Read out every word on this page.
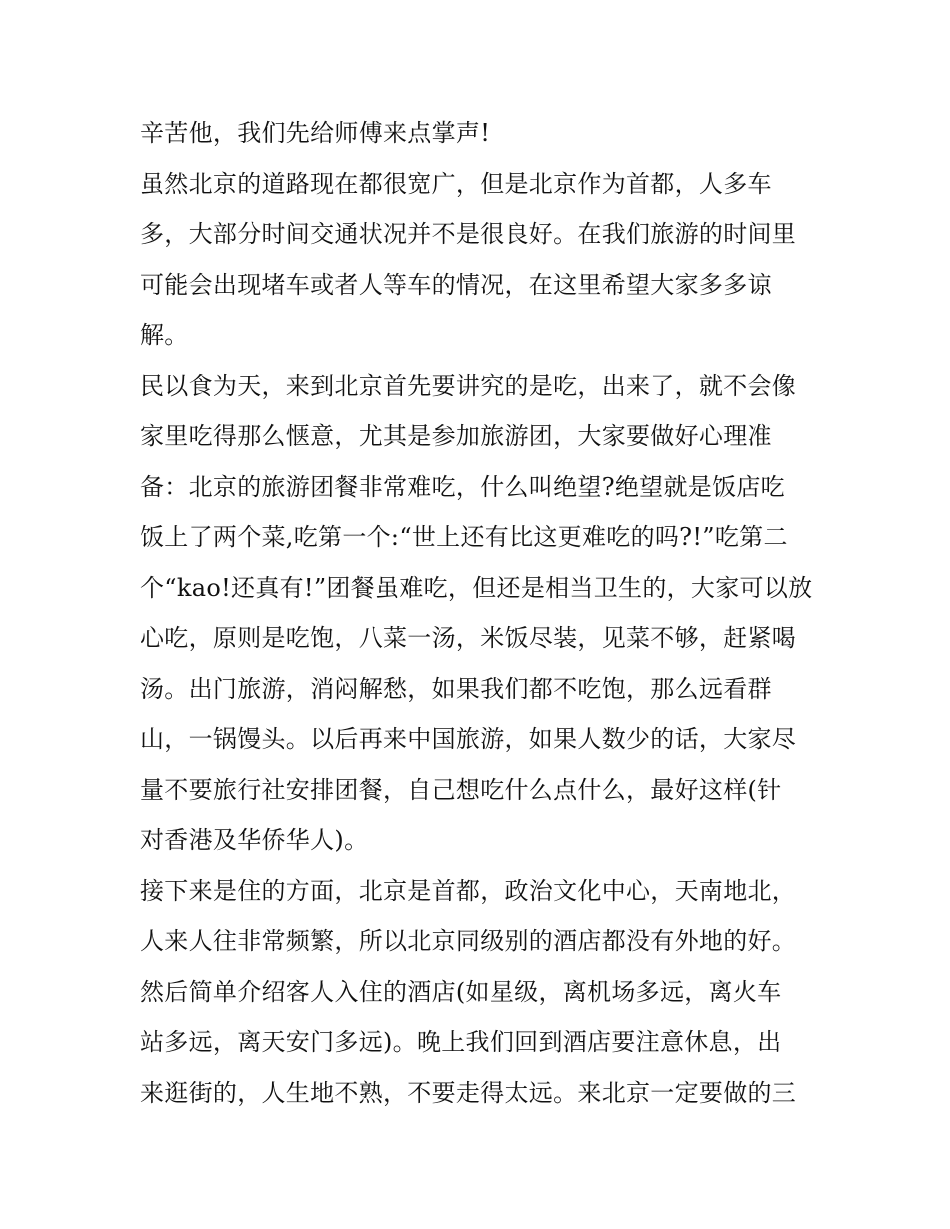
辛苦他，我们先给师傅来点掌声!

虽然北京的道路现在都很宽广，但是北京作为首都，人多车
多，大部分时间交通状况并不是很良好。在我们旅游的时间里
可能会出现堵车或者人等车的情况，在这里希望大家多多谅
解。

民以食为天，来到北京首先要讲究的是吃，出来了，就不会像
家里吃得那么惬意，尤其是参加旅游团，大家要做好心理准
备：北京的旅游团餐非常难吃，什么叫绝望?绝望就是饭店吃
饭上了两个菜,吃第一个:“世上还有比这更难吃的吗?!”吃第二
个“kao!还真有!”团餐虽难吃，但还是相当卫生的，大家可以放
心吃，原则是吃饱，八菜一汤，米饭尽装，见菜不够，赶紧喝
汤。出门旅游，消闷解愁，如果我们都不吃饱，那么远看群
山，一锅馒头。以后再来中国旅游，如果人数少的话，大家尽
量不要旅行社安排团餐，自己想吃什么点什么，最好这样(针
对香港及华侨华人)。

接下来是住的方面，北京是首都，政治文化中心，天南地北，
人来人往非常频繁，所以北京同级别的酒店都没有外地的好。
然后简单介绍客人入住的酒店(如星级，离机场多远，离火车
站多远，离天安门多远)。晚上我们回到酒店要注意休息，出
来逛街的，人生地不熟，不要走得太远。来北京一定要做的三
